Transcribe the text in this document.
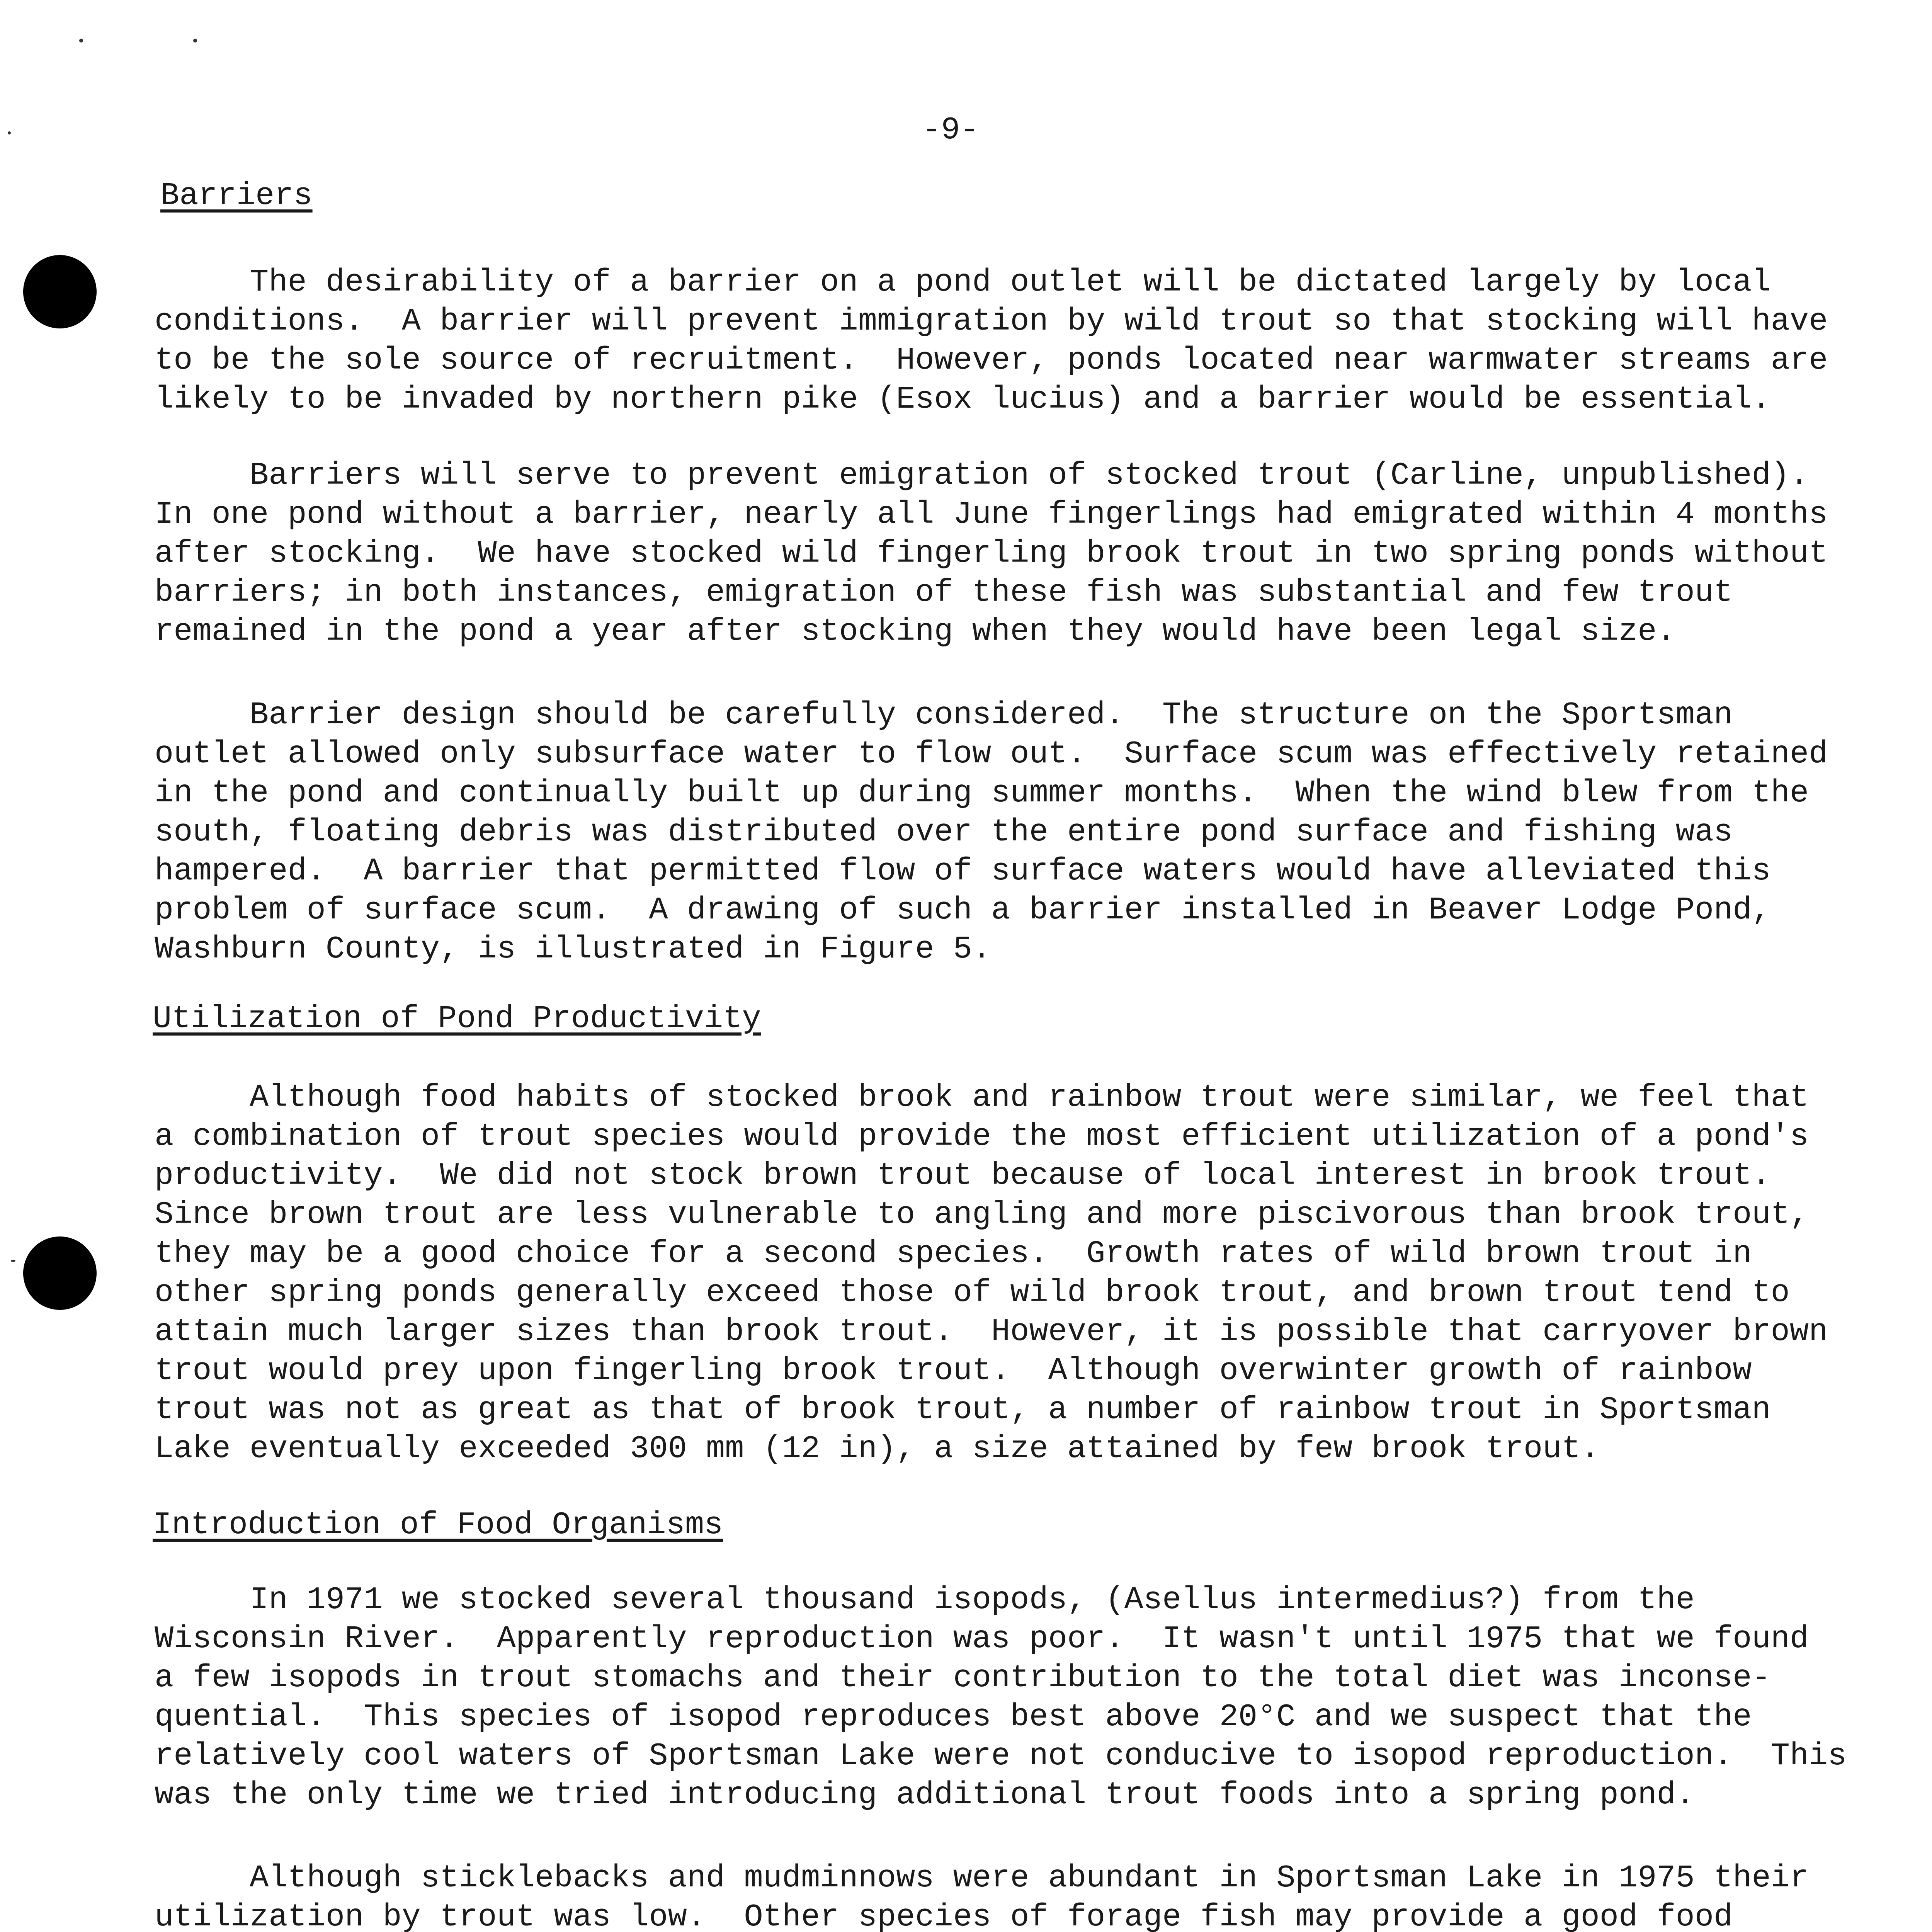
-9-
Barriers
The desirability of a barrier on a pond outlet will be dictated largely by local
conditions.  A barrier will prevent immigration by wild trout so that stocking will have
to be the sole source of recruitment.  However, ponds located near warmwater streams are
likely to be invaded by northern pike (Esox lucius) and a barrier would be essential.
Barriers will serve to prevent emigration of stocked trout (Carline, unpublished).
In one pond without a barrier, nearly all June fingerlings had emigrated within 4 months
after stocking.  We have stocked wild fingerling brook trout in two spring ponds without
barriers; in both instances, emigration of these fish was substantial and few trout
remained in the pond a year after stocking when they would have been legal size.
Barrier design should be carefully considered.  The structure on the Sportsman
outlet allowed only subsurface water to flow out.  Surface scum was effectively retained
in the pond and continually built up during summer months.  When the wind blew from the
south, floating debris was distributed over the entire pond surface and fishing was
hampered.  A barrier that permitted flow of surface waters would have alleviated this
problem of surface scum.  A drawing of such a barrier installed in Beaver Lodge Pond,
Washburn County, is illustrated in Figure 5.
Utilization of Pond Productivity
Although food habits of stocked brook and rainbow trout were similar, we feel that
a combination of trout species would provide the most efficient utilization of a pond's
productivity.  We did not stock brown trout because of local interest in brook trout.
Since brown trout are less vulnerable to angling and more piscivorous than brook trout,
they may be a good choice for a second species.  Growth rates of wild brown trout in
other spring ponds generally exceed those of wild brook trout, and brown trout tend to
attain much larger sizes than brook trout.  However, it is possible that carryover brown
trout would prey upon fingerling brook trout.  Although overwinter growth of rainbow
trout was not as great as that of brook trout, a number of rainbow trout in Sportsman
Lake eventually exceeded 300 mm (12 in), a size attained by few brook trout.
Introduction of Food Organisms
In 1971 we stocked several thousand isopods, (Asellus intermedius?) from the
Wisconsin River.  Apparently reproduction was poor.  It wasn't until 1975 that we found
a few isopods in trout stomachs and their contribution to the total diet was inconse-
quential.  This species of isopod reproduces best above 20°C and we suspect that the
relatively cool waters of Sportsman Lake were not conducive to isopod reproduction.  This
was the only time we tried introducing additional trout foods into a spring pond.
Although sticklebacks and mudminnows were abundant in Sportsman Lake in 1975 their
utilization by trout was low.  Other species of forage fish may provide a good food
